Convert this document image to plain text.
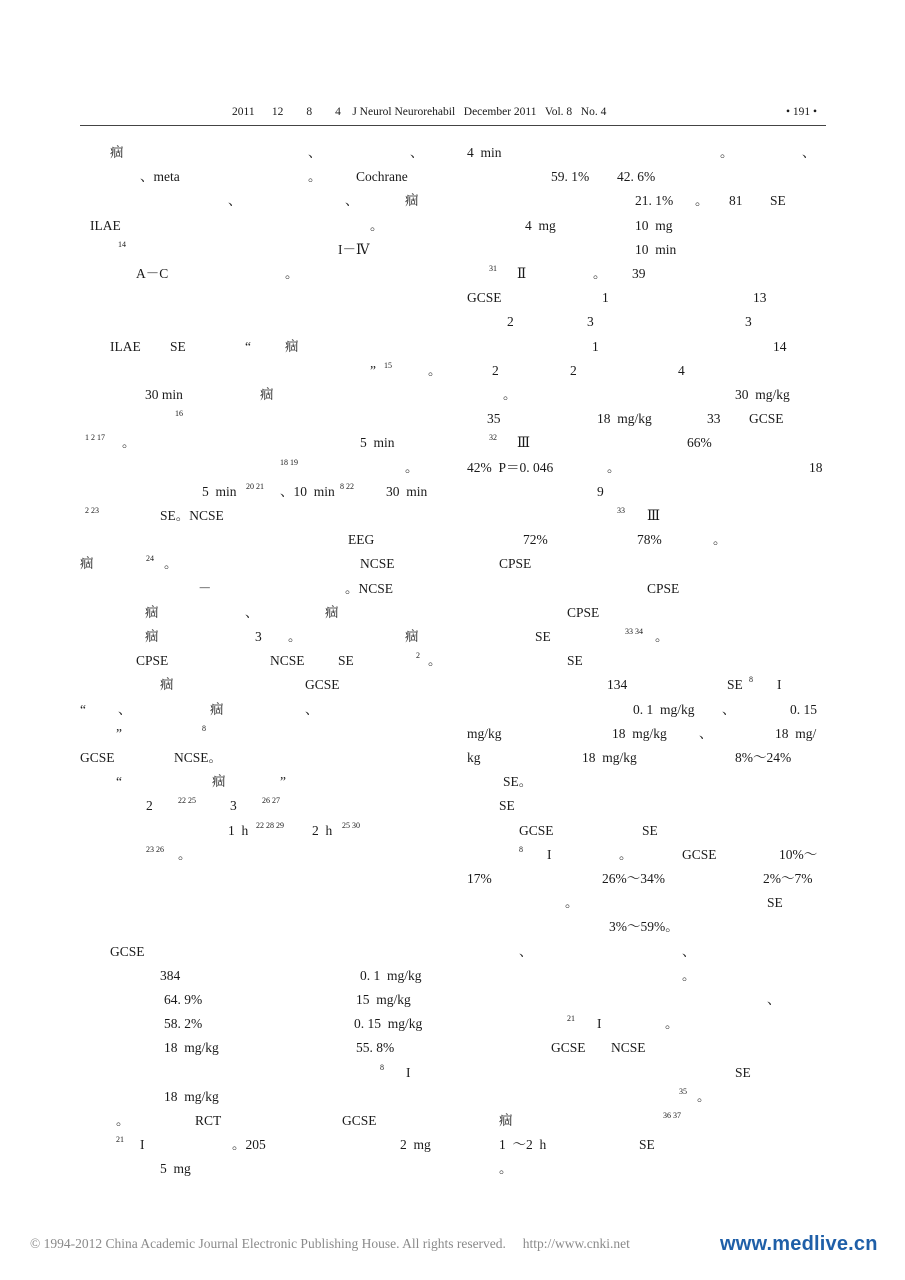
2011      12        8        4    J Neurol Neurorehabil   December 2011   Vol. 8   No. 4	• 191 •
痼	、	、
、meta	。	Cochrane
、	、	痼
ILAE	。
14	I－Ⅳ
A－C	。
ILAE SE	“	痼
” 15	。
30 min	痼
16
1 2 17 。	5  min
18 19	。
5  min 20 21 、10  min 8 22 30  min
2 23	SE。NCSE
EEG
痼	24 。	NCSE
－	。NCSE
痼	、	痼
痼	3 。	痼
CPSE	NCSE SE	2 。
痼	GCSE
“ 、	痼	、
”	8
GCSE	NCSE。
“	痼	”
2	22 25	3	26 27
1  h 22 28 29 2  h 25 30
23 26 。
GCSE
384	0. 1  mg/kg
64. 9%	15  mg/kg
58. 2%	0. 15  mg/kg
18  mg/kg	55. 8%
8 I
18  mg/kg
。	RCT	GCSE
21 I	。205	2  mg
5  mg
4  min	。	、
59. 1% 42. 6%
21. 1% 。 81 SE
4  mg	10  mg
10  min
31 Ⅱ	。 39
GCSE	1	13
2	3	3
1	14
2	2	4
。	30  mg/kg
35	18  mg/kg	33 GCSE
32 Ⅲ	66%
42%  P＝0. 046	。	18
9
33 Ⅲ
72%	78%	。
CPSE
CPSE
CPSE
SE	33 34 。
SE
134	SE 8 I
0. 1  mg/kg 、	0. 15
mg/kg	18  mg/kg 、	18  mg/
kg	18  mg/kg	8%～24%
SE。
SE
GCSE	SE
8 I	。	GCSE	10%～
17%	26%～34%	2%～7%
。	SE
3%～59%。
、	、
。
、
21 I	。
GCSE NCSE
SE
35 。
痼	36 37
1  ～2  h	SE
。
© 1994-2012 China Academic Journal Electronic Publishing House. All rights reserved.     http://www.cnki.net	www.medlive.cn
